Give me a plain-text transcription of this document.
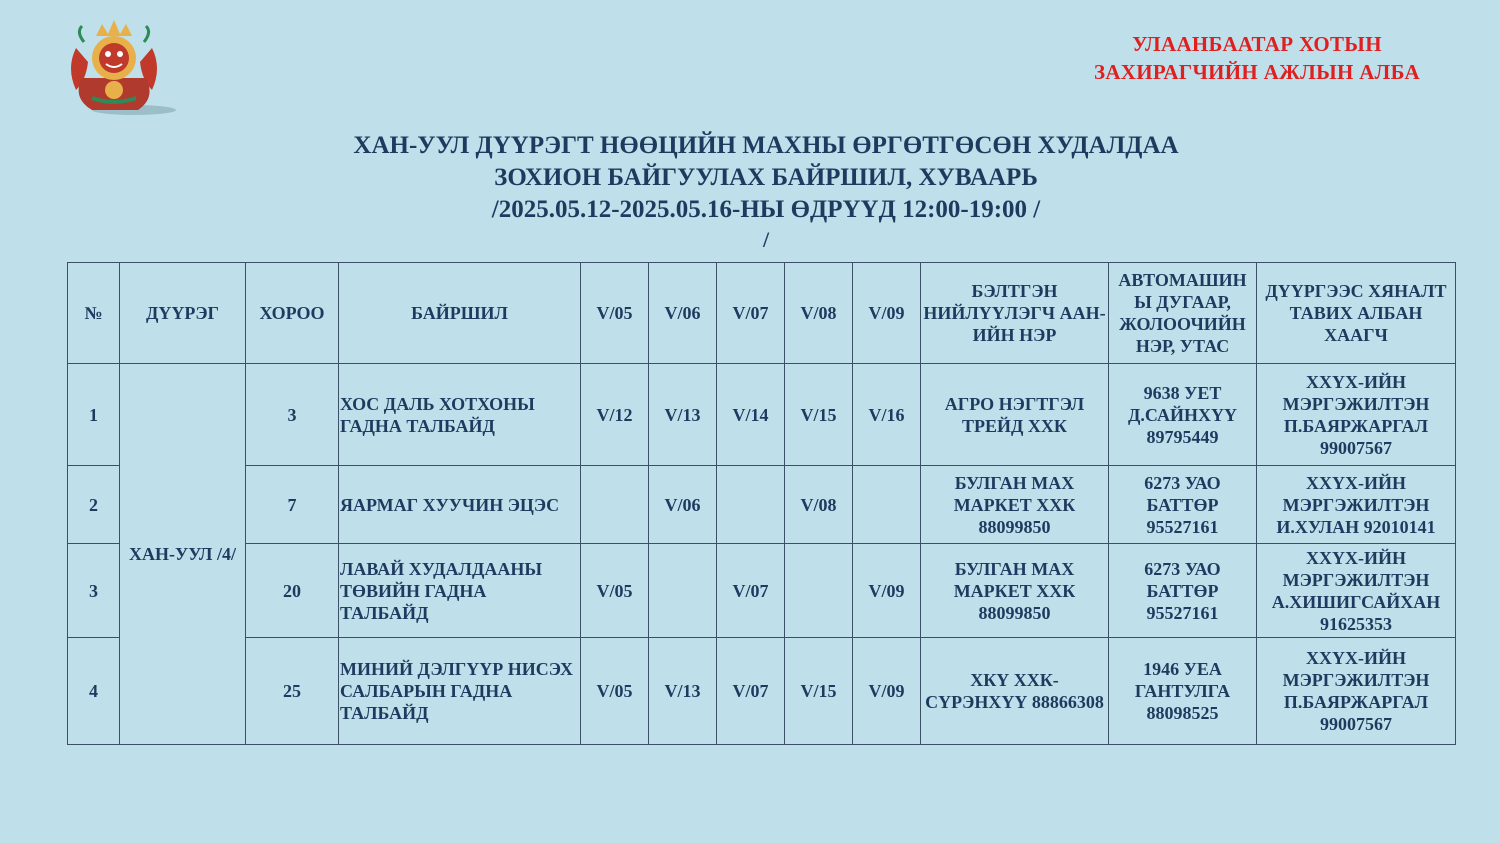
УЛААНБААТАР ХОТЫН
ЗАХИРАГЧИЙН АЖЛЫН АЛБА
ХАН-УУЛ ДҮҮРЭГТ НӨӨЦИЙН МАХНЫ ӨРГӨТГӨСӨН ХУДАЛДАА
ЗОХИОН БАЙГУУЛАХ БАЙРШИЛ, ХУВААРЬ
/2025.05.12-2025.05.16-НЫ ӨДРҮҮД 12:00-19:00 /
/
№	ДҮҮРЭГ	ХОРОО	БАЙРШИЛ	V/05	V/06	V/07	V/08	V/09	БЭЛТГЭН НИЙЛҮҮЛЭГЧ ААН-ИЙН НЭР	АВТОМАШИН Ы ДУГААР, ЖОЛООЧИЙН НЭР, УТАС	ДҮҮРГЭЭС ХЯНАЛТ ТАВИХ АЛБАН ХААГЧ
1	ХАН-УУЛ /4/	3	ХОС ДАЛЬ ХОТХОНЫ ГАДНА ТАЛБАЙД	V/12	V/13	V/14	V/15	V/16	АГРО НЭГТГЭЛ ТРЕЙД ХХК	9638 УЕТ Д.САЙНХҮҮ 89795449	ХХҮХ-ИЙН МЭРГЭЖИЛТЭН П.БАЯРЖАРГАЛ 99007567
2		7	ЯАРМАГ ХУУЧИН ЭЦЭС		V/06		V/08		БУЛГАН МАХ МАРКЕТ ХХК 88099850	6273 УАО БАТТӨР 95527161	ХХҮХ-ИЙН МЭРГЭЖИЛТЭН И.ХУЛАН 92010141
3		20	ЛАВАЙ ХУДАЛДААНЫ ТӨВИЙН ГАДНА ТАЛБАЙД	V/05		V/07		V/09	БУЛГАН МАХ МАРКЕТ ХХК 88099850	6273 УАО БАТТӨР 95527161	ХХҮХ-ИЙН МЭРГЭЖИЛТЭН А.ХИШИГСАЙХАН 91625353
4		25	МИНИЙ ДЭЛГҮҮР НИСЭХ САЛБАРЫН ГАДНА ТАЛБАЙД	V/05	V/13	V/07	V/15	V/09	ХКҮ ХХК-СҮРЭНХҮҮ 88866308	1946 УЕА ГАНТУЛГА 88098525	ХХҮХ-ИЙН МЭРГЭЖИЛТЭН П.БАЯРЖАРГАЛ 99007567
